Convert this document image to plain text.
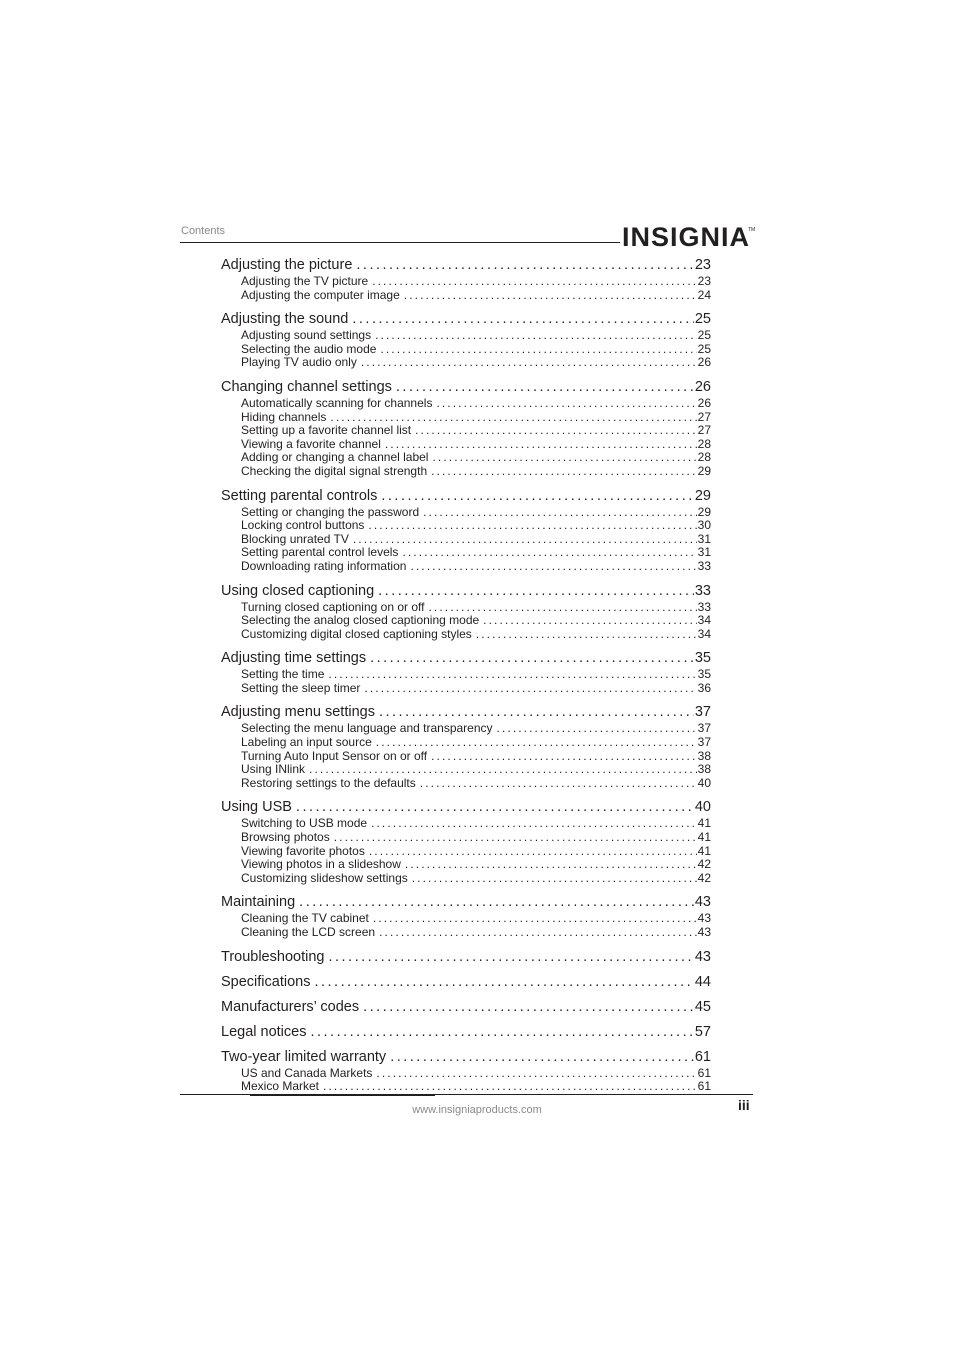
Contents	INSIGNIA
TM
Adjusting the picture .....	23
Adjusting the TV picture .....	23
Adjusting the computer image .....	24
Adjusting the sound .....	25
Adjusting sound settings .....	25
Selecting the audio mode .....	25
Playing TV audio only .....	26
Changing channel settings .....	26
Automatically scanning for channels .....	26
Hiding channels .....	27
Setting up a favorite channel list .....	27
Viewing a favorite channel .....	28
Adding or changing a channel label .....	28
Checking the digital signal strength .....	29
Setting parental controls .....	29
Setting or changing the password .....	29
Locking control buttons .....	30
Blocking unrated TV .....	31
Setting parental control levels .....	31
Downloading rating information .....	33
Using closed captioning .....	33
Turning closed captioning on or off .....	33
Selecting the analog closed captioning mode .....	34
Customizing digital closed captioning styles .....	34
Adjusting time settings .....	35
Setting the time .....	35
Setting the sleep timer .....	36
Adjusting menu settings .....	37
Selecting the menu language and transparency .....	37
Labeling an input source .....	37
Turning Auto Input Sensor on or off .....	38
Using INlink .....	38
Restoring settings to the defaults .....	40
Using USB .....	40
Switching to USB mode .....	41
Browsing photos .....	41
Viewing favorite photos .....	41
Viewing photos in a slideshow .....	42
Customizing slideshow settings .....	42
Maintaining .....	43
Cleaning the TV cabinet .....	43
Cleaning the LCD screen .....	43
Troubleshooting .....	43
Specifications .....	44
Manufacturers’ codes .....	45
Legal notices .....	57
Two-year limited warranty .....	61
US and Canada Markets .....	61
Mexico Market .....	61
www.insigniaproducts.com	iii
